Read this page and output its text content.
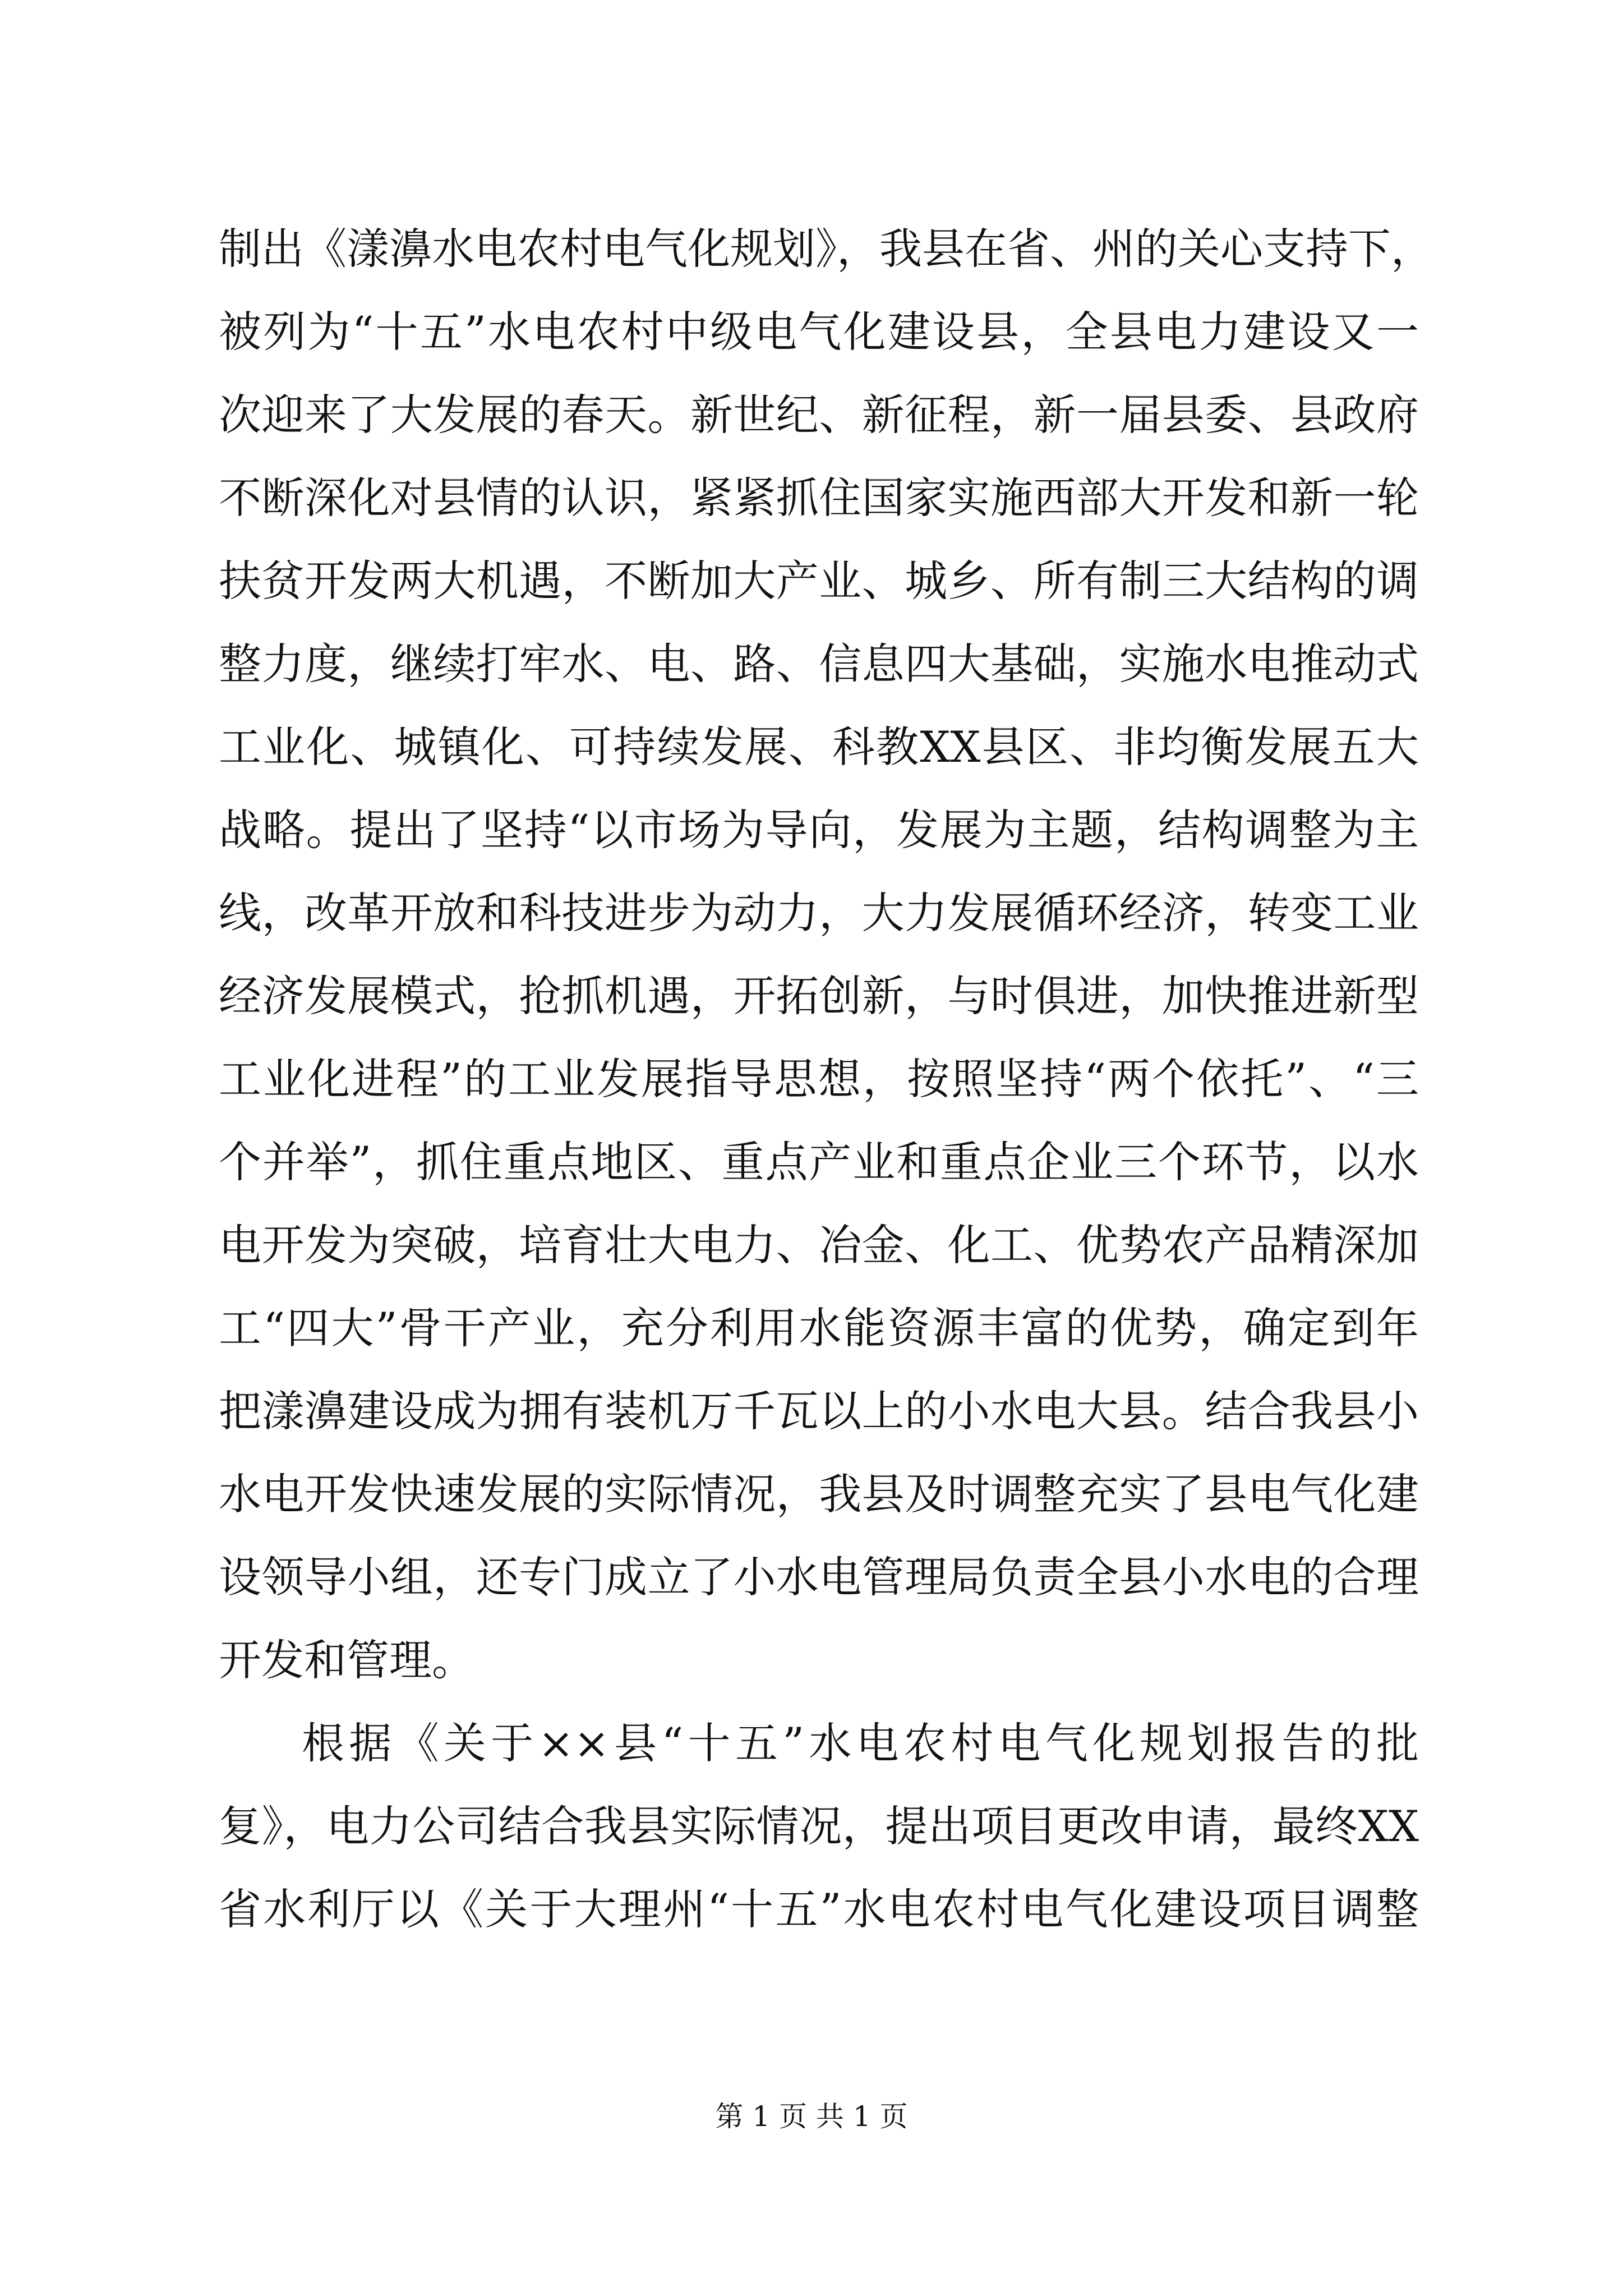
制出《漾濞水电农村电气化规划》，我县在省、州的关心支持下，
被列为“十五”水电农村中级电气化建设县，全县电力建设又一
次迎来了大发展的春天。新世纪、新征程，新一届县委、县政府
不断深化对县情的认识，紧紧抓住国家实施西部大开发和新一轮
扶贫开发两大机遇，不断加大产业、城乡、所有制三大结构的调
整力度，继续打牢水、电、路、信息四大基础，实施水电推动式
工业化、城镇化、可持续发展、科教XX县区、非均衡发展五大
战略。提出了坚持“以市场为导向，发展为主题，结构调整为主
线，改革开放和科技进步为动力，大力发展循环经济，转变工业
经济发展模式，抢抓机遇，开拓创新，与时俱进，加快推进新型
工业化进程”的工业发展指导思想，按照坚持“两个依托”、“三
个并举”，抓住重点地区、重点产业和重点企业三个环节，以水
电开发为突破，培育壮大电力、冶金、化工、优势农产品精深加
工“四大”骨干产业，充分利用水能资源丰富的优势，确定到年
把漾濞建设成为拥有装机万千瓦以上的小水电大县。结合我县小
水电开发快速发展的实际情况，我县及时调整充实了县电气化建
设领导小组，还专门成立了小水电管理局负责全县小水电的合理
开发和管理。
根据《关于××县“十五”水电农村电气化规划报告的批
复》，电力公司结合我县实际情况，提出项目更改申请，最终XX
省水利厅以《关于大理州“十五”水电农村电气化建设项目调整
第 1 页 共 1 页
